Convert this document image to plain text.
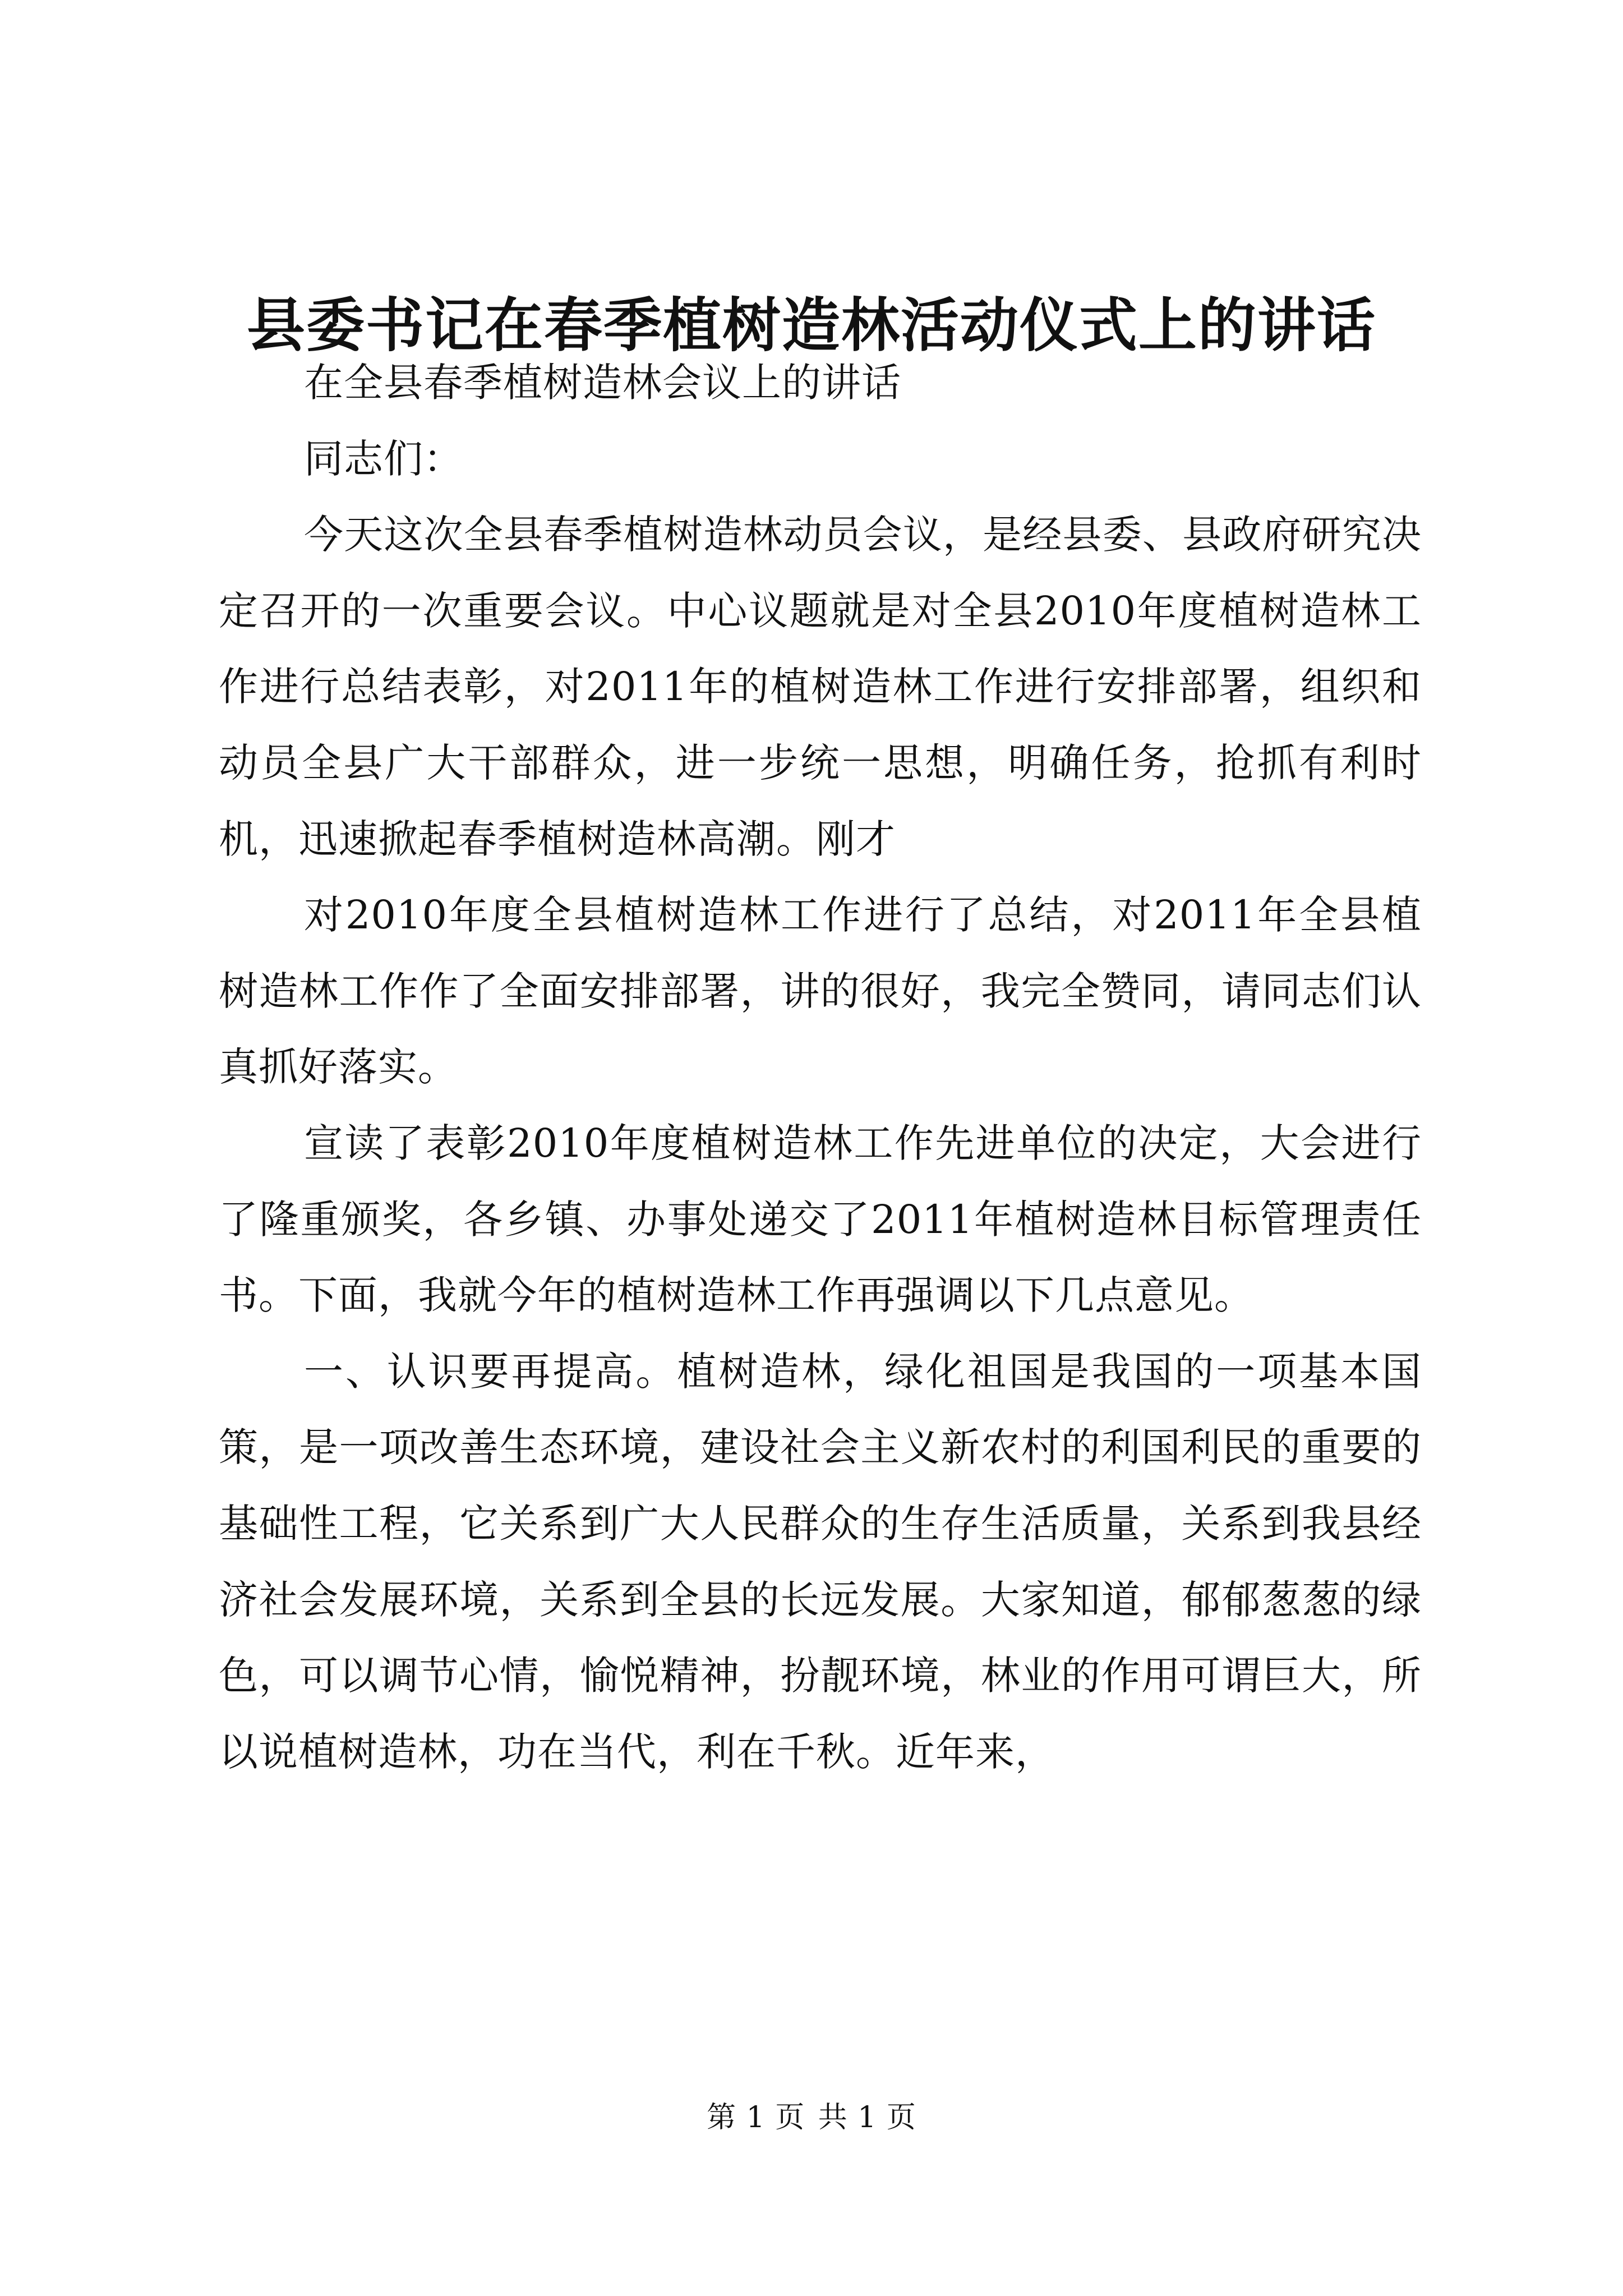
县委书记在春季植树造林活动仪式上的讲话

在全县春季植树造林会议上的讲话

同志们：

今天这次全县春季植树造林动员会议，是经县委、县政府研究决定召开的一次重要会议。中心议题就是对全县2010年度植树造林工作进行总结表彰，对2011年的植树造林工作进行安排部署，组织和动员全县广大干部群众，进一步统一思想，明确任务，抢抓有利时机，迅速掀起春季植树造林高潮。刚才

对2010年度全县植树造林工作进行了总结，对2011年全县植树造林工作作了全面安排部署，讲的很好，我完全赞同，请同志们认真抓好落实。

宣读了表彰2010年度植树造林工作先进单位的决定，大会进行了隆重颁奖，各乡镇、办事处递交了2011年植树造林目标管理责任书。下面，我就今年的植树造林工作再强调以下几点意见。

一、认识要再提高。植树造林，绿化祖国是我国的一项基本国策，是一项改善生态环境，建设社会主义新农村的利国利民的重要的基础性工程，它关系到广大人民群众的生存生活质量，关系到我县经济社会发展环境，关系到全县的长远发展。大家知道，郁郁葱葱的绿色，可以调节心情，愉悦精神，扮靓环境，林业的作用可谓巨大，所以说植树造林，功在当代，利在千秋。近年来，

第 1 页 共 1 页
